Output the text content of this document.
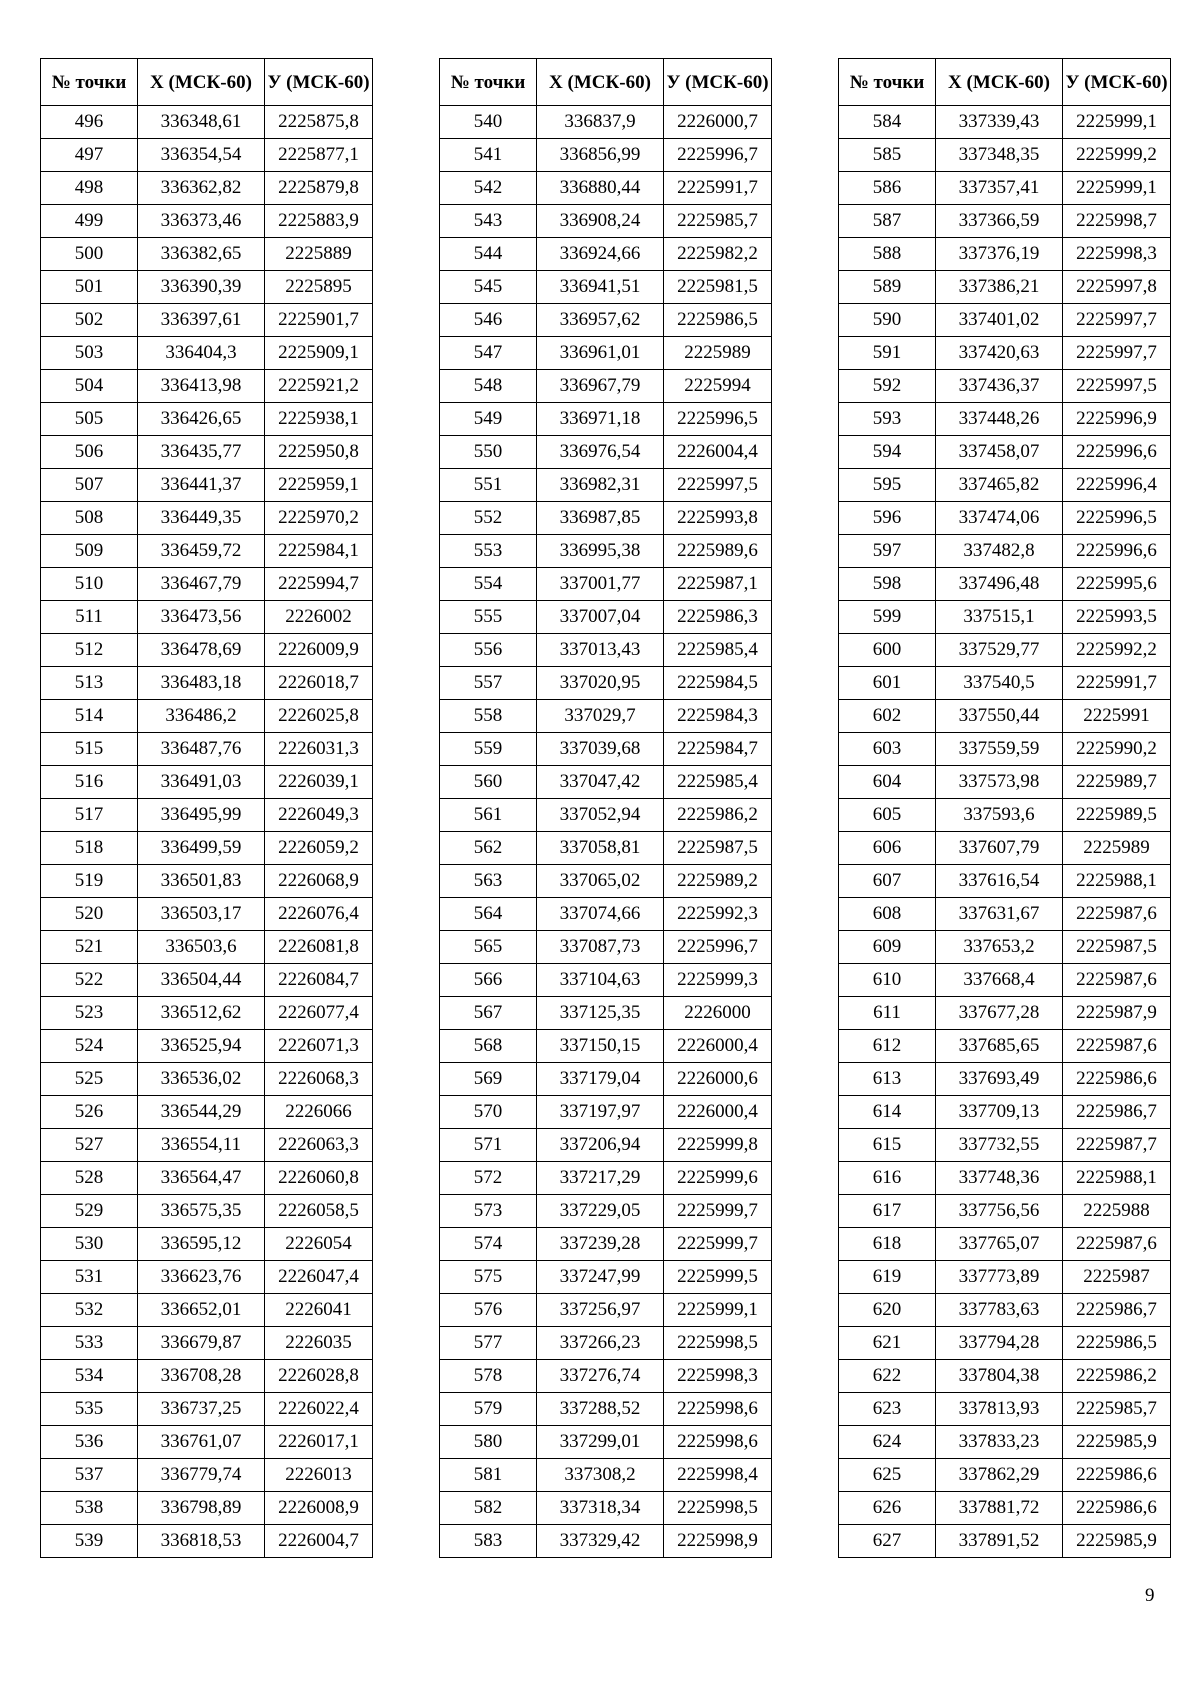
№ точки	Х (МСК-60)	У (МСК-60)
496	336348,61	2225875,8
497	336354,54	2225877,1
498	336362,82	2225879,8
499	336373,46	2225883,9
500	336382,65	2225889
501	336390,39	2225895
502	336397,61	2225901,7
503	336404,3	2225909,1
504	336413,98	2225921,2
505	336426,65	2225938,1
506	336435,77	2225950,8
507	336441,37	2225959,1
508	336449,35	2225970,2
509	336459,72	2225984,1
510	336467,79	2225994,7
511	336473,56	2226002
512	336478,69	2226009,9
513	336483,18	2226018,7
514	336486,2	2226025,8
515	336487,76	2226031,3
516	336491,03	2226039,1
517	336495,99	2226049,3
518	336499,59	2226059,2
519	336501,83	2226068,9
520	336503,17	2226076,4
521	336503,6	2226081,8
522	336504,44	2226084,7
523	336512,62	2226077,4
524	336525,94	2226071,3
525	336536,02	2226068,3
526	336544,29	2226066
527	336554,11	2226063,3
528	336564,47	2226060,8
529	336575,35	2226058,5
530	336595,12	2226054
531	336623,76	2226047,4
532	336652,01	2226041
533	336679,87	2226035
534	336708,28	2226028,8
535	336737,25	2226022,4
536	336761,07	2226017,1
537	336779,74	2226013
538	336798,89	2226008,9
539	336818,53	2226004,7
№ точки	Х (МСК-60)	У (МСК-60)
540	336837,9	2226000,7
541	336856,99	2225996,7
542	336880,44	2225991,7
543	336908,24	2225985,7
544	336924,66	2225982,2
545	336941,51	2225981,5
546	336957,62	2225986,5
547	336961,01	2225989
548	336967,79	2225994
549	336971,18	2225996,5
550	336976,54	2226004,4
551	336982,31	2225997,5
552	336987,85	2225993,8
553	336995,38	2225989,6
554	337001,77	2225987,1
555	337007,04	2225986,3
556	337013,43	2225985,4
557	337020,95	2225984,5
558	337029,7	2225984,3
559	337039,68	2225984,7
560	337047,42	2225985,4
561	337052,94	2225986,2
562	337058,81	2225987,5
563	337065,02	2225989,2
564	337074,66	2225992,3
565	337087,73	2225996,7
566	337104,63	2225999,3
567	337125,35	2226000
568	337150,15	2226000,4
569	337179,04	2226000,6
570	337197,97	2226000,4
571	337206,94	2225999,8
572	337217,29	2225999,6
573	337229,05	2225999,7
574	337239,28	2225999,7
575	337247,99	2225999,5
576	337256,97	2225999,1
577	337266,23	2225998,5
578	337276,74	2225998,3
579	337288,52	2225998,6
580	337299,01	2225998,6
581	337308,2	2225998,4
582	337318,34	2225998,5
583	337329,42	2225998,9
№ точки	Х (МСК-60)	У (МСК-60)
584	337339,43	2225999,1
585	337348,35	2225999,2
586	337357,41	2225999,1
587	337366,59	2225998,7
588	337376,19	2225998,3
589	337386,21	2225997,8
590	337401,02	2225997,7
591	337420,63	2225997,7
592	337436,37	2225997,5
593	337448,26	2225996,9
594	337458,07	2225996,6
595	337465,82	2225996,4
596	337474,06	2225996,5
597	337482,8	2225996,6
598	337496,48	2225995,6
599	337515,1	2225993,5
600	337529,77	2225992,2
601	337540,5	2225991,7
602	337550,44	2225991
603	337559,59	2225990,2
604	337573,98	2225989,7
605	337593,6	2225989,5
606	337607,79	2225989
607	337616,54	2225988,1
608	337631,67	2225987,6
609	337653,2	2225987,5
610	337668,4	2225987,6
611	337677,28	2225987,9
612	337685,65	2225987,6
613	337693,49	2225986,6
614	337709,13	2225986,7
615	337732,55	2225987,7
616	337748,36	2225988,1
617	337756,56	2225988
618	337765,07	2225987,6
619	337773,89	2225987
620	337783,63	2225986,7
621	337794,28	2225986,5
622	337804,38	2225986,2
623	337813,93	2225985,7
624	337833,23	2225985,9
625	337862,29	2225986,6
626	337881,72	2225986,6
627	337891,52	2225985,9
9
